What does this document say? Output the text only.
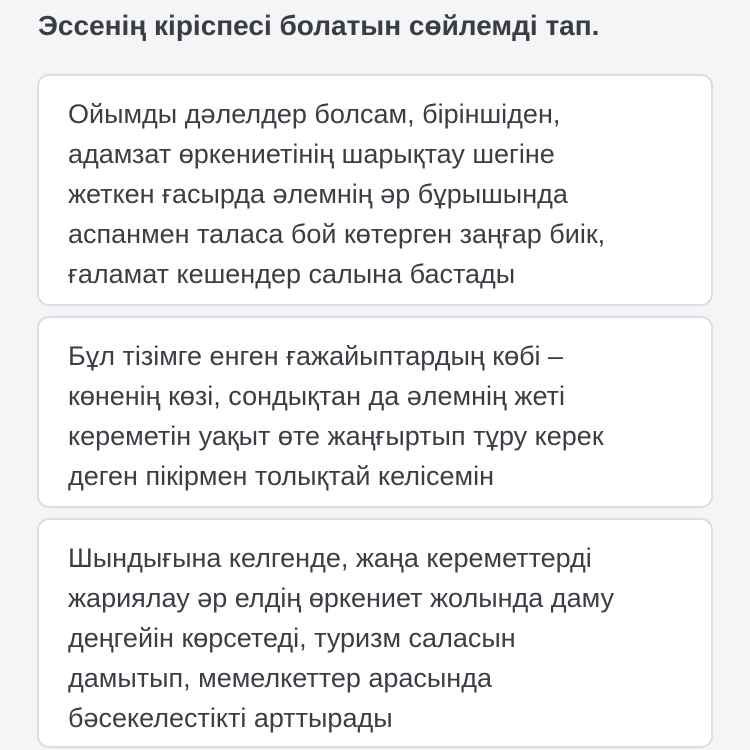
Эссенің кіріспесі болатын сөйлемді тап.
Ойымды дәлелдер болсам, біріншіден,
адамзат өркениетінің шарықтау шегіне
жеткен ғасырда әлемнің әр бұрышында
аспанмен таласа бой көтерген заңғар биік,
ғаламат кешендер салына бастады
Бұл тізімге енген ғажайыптардың көбі –
көненің көзі, сондықтан да әлемнің жеті
кереметін уақыт өте жаңғыртып тұру керек
деген пікірмен толықтай келісемін
Шындығына келгенде, жаңа кереметтерді
жариялау әр елдің өркениет жолында даму
деңгейін көрсетеді, туризм саласын
дамытып, мемелкеттер арасында
бәсекелестікті арттырады
